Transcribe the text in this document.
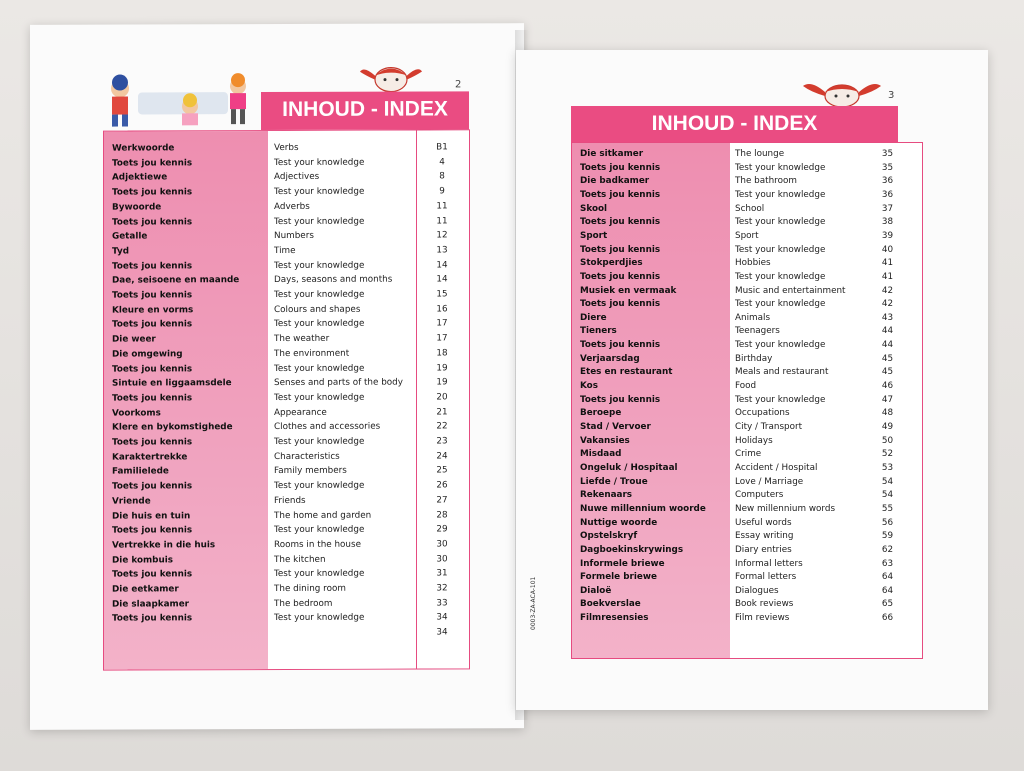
2
INHOUD - INDEX
Werkwoorde	Verbs	B1
Toets jou kennis	Test your knowledge	4
Adjektiewe	Adjectives	8
Toets jou kennis	Test your knowledge	9
Bywoorde	Adverbs	11
Toets jou kennis	Test your knowledge	11
Getalle	Numbers	12
Tyd	Time	13
Toets jou kennis	Test your knowledge	14
Dae, seisoene en maande	Days, seasons and months	14
Toets jou kennis	Test your knowledge	15
Kleure en vorms	Colours and shapes	16
Toets jou kennis	Test your knowledge	17
Die weer	The weather	17
Die omgewing	The environment	18
Toets jou kennis	Test your knowledge	19
Sintuie en liggaamsdele	Senses and parts of the body	19
Toets jou kennis	Test your knowledge	20
Voorkoms	Appearance	21
Klere en bykomstighede	Clothes and accessories	22
Toets jou kennis	Test your knowledge	23
Karaktertrekke	Characteristics	24
Familielede	Family members	25
Toets jou kennis	Test your knowledge	26
Vriende	Friends	27
Die huis en tuin	The home and garden	28
Toets jou kennis	Test your knowledge	29
Vertrekke in die huis	Rooms in the house	30
Die kombuis	The kitchen	30
Toets jou kennis	Test your knowledge	31
Die eetkamer	The dining room	32
Die slaapkamer	The bedroom	33
Toets jou kennis	Test your knowledge	34
34
3
INHOUD - INDEX
Die sitkamer	The lounge	35
Toets jou kennis	Test your knowledge	35
Die badkamer	The bathroom	36
Toets jou kennis	Test your knowledge	36
Skool	School	37
Toets jou kennis	Test your knowledge	38
Sport	Sport	39
Toets jou kennis	Test your knowledge	40
Stokperdjies	Hobbies	41
Toets jou kennis	Test your knowledge	41
Musiek en vermaak	Music and entertainment	42
Toets jou kennis	Test your knowledge	42
Diere	Animals	43
Tieners	Teenagers	44
Toets jou kennis	Test your knowledge	44
Verjaarsdag	Birthday	45
Etes en restaurant	Meals and restaurant	45
Kos	Food	46
Toets jou kennis	Test your knowledge	47
Beroepe	Occupations	48
Stad / Vervoer	City / Transport	49
Vakansies	Holidays	50
Misdaad	Crime	52
Ongeluk / Hospitaal	Accident / Hospital	53
Liefde / Troue	Love / Marriage	54
Rekenaars	Computers	54
Nuwe millennium woorde	New millennium words	55
Nuttige woorde	Useful words	56
Opstelskryf	Essay writing	59
Dagboekinskrywings	Diary entries	62
Informele briewe	Informal letters	63
Formele briewe	Formal letters	64
Dialoë	Dialogues	64
Boekverslae	Book reviews	65
Filmresensies	Film reviews	66
0003-ZA-ACA-101
